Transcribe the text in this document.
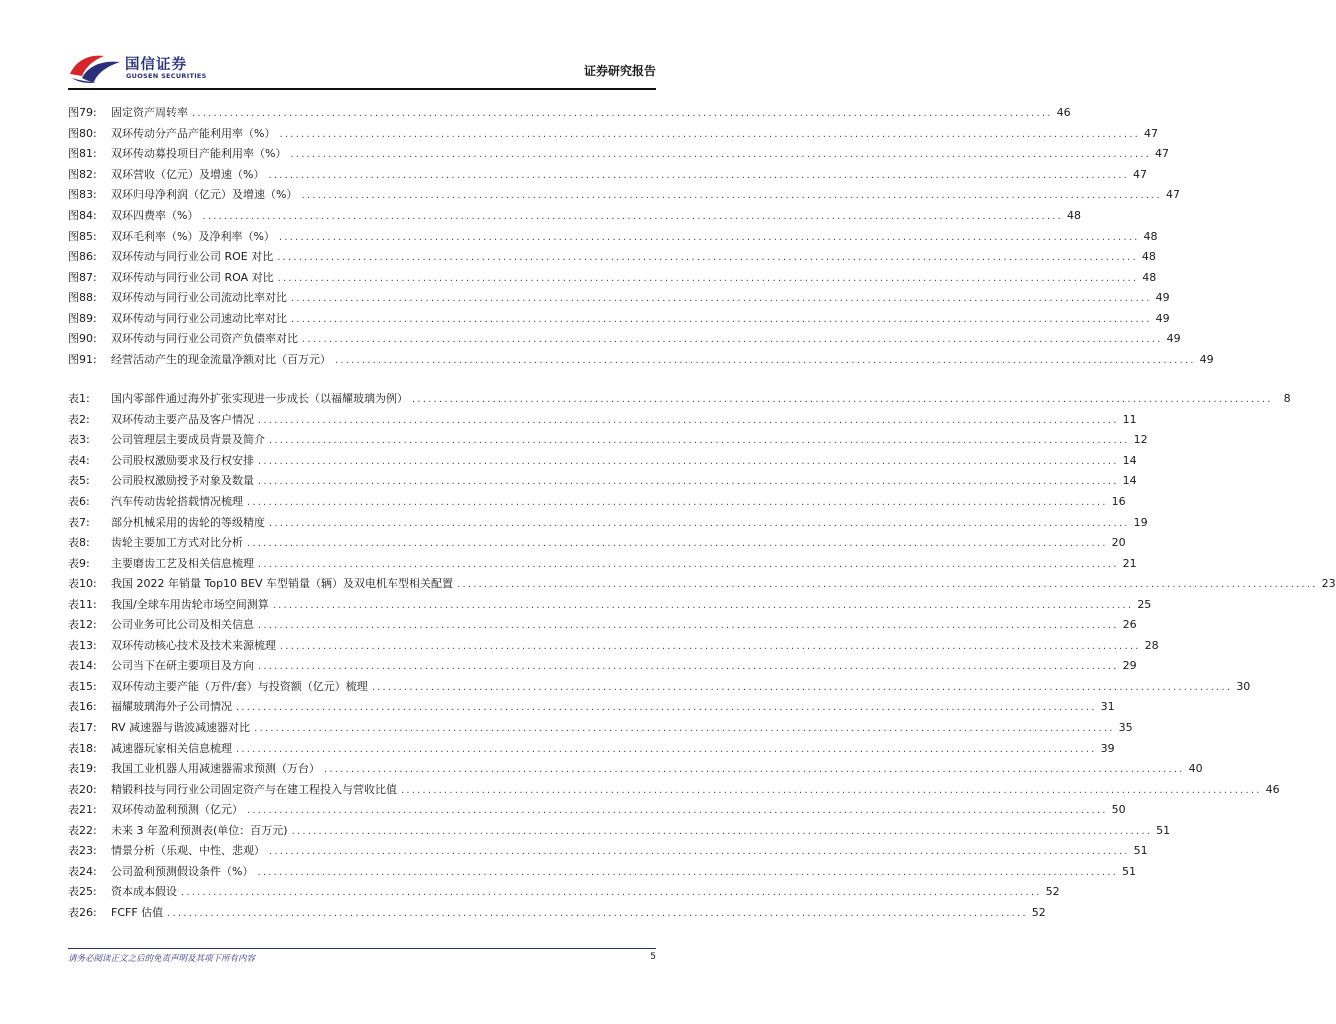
国信证券
GUOSEN SECURITIES	证券研究报告
图79:	固定资产周转率 ................................................................................................................................................................ 46
图80:	双环传动分产品产能利用率（%） ................................................................................................................................................................ 47
图81:	双环传动募投项目产能利用率（%） ................................................................................................................................................................ 47
图82:	双环营收（亿元）及增速（%） ................................................................................................................................................................ 47
图83:	双环归母净利润（亿元）及增速（%） ................................................................................................................................................................ 47
图84:	双环四费率（%） ................................................................................................................................................................ 48
图85:	双环毛利率（%）及净利率（%） ................................................................................................................................................................ 48
图86:	双环传动与同行业公司 ROE 对比 ................................................................................................................................................................ 48
图87:	双环传动与同行业公司 ROA 对比 ................................................................................................................................................................ 48
图88:	双环传动与同行业公司流动比率对比 ................................................................................................................................................................ 49
图89:	双环传动与同行业公司速动比率对比 ................................................................................................................................................................ 49
图90:	双环传动与同行业公司资产负债率对比 ................................................................................................................................................................ 49
图91:	经营活动产生的现金流量净额对比（百万元） ................................................................................................................................................................ 49
表1:	国内零部件通过海外扩张实现进一步成长（以福耀玻璃为例） ................................................................................................................................................................	8
表2:	双环传动主要产品及客户情况 ................................................................................................................................................................ 11
表3:	公司管理层主要成员背景及简介 ................................................................................................................................................................ 12
表4:	公司股权激励要求及行权安排 ................................................................................................................................................................ 14
表5:	公司股权激励授予对象及数量 ................................................................................................................................................................ 14
表6:	汽车传动齿轮搭载情况梳理 ................................................................................................................................................................ 16
表7:	部分机械采用的齿轮的等级精度 ................................................................................................................................................................ 19
表8:	齿轮主要加工方式对比分析 ................................................................................................................................................................ 20
表9:	主要磨齿工艺及相关信息梳理 ................................................................................................................................................................ 21
表10:	我国 2022 年销量 Top10 BEV 车型销量（辆）及双电机车型相关配置 ................................................................................................................................................................ 23
表11:	我国/全球车用齿轮市场空间测算 ................................................................................................................................................................ 25
表12:	公司业务可比公司及相关信息 ................................................................................................................................................................ 26
表13:	双环传动核心技术及技术来源梳理 ................................................................................................................................................................ 28
表14:	公司当下在研主要项目及方向 ................................................................................................................................................................ 29
表15:	双环传动主要产能（万件/套）与投资额（亿元）梳理 ................................................................................................................................................................ 30
表16:	福耀玻璃海外子公司情况 ................................................................................................................................................................ 31
表17:	RV 减速器与谐波减速器对比 ................................................................................................................................................................ 35
表18:	减速器玩家相关信息梳理 ................................................................................................................................................................ 39
表19:	我国工业机器人用减速器需求预测（万台） ................................................................................................................................................................ 40
表20:	精锻科技与同行业公司固定资产与在建工程投入与营收比值 ................................................................................................................................................................ 46
表21:	双环传动盈利预测（亿元） ................................................................................................................................................................ 50
表22:	未来 3 年盈利预测表(单位：百万元) ................................................................................................................................................................ 51
表23:	情景分析（乐观、中性、悲观） ................................................................................................................................................................ 51
表24:	公司盈利预测假设条件（%） ................................................................................................................................................................ 51
表25:	资本成本假设 ................................................................................................................................................................ 52
表26:	FCFF 估值 ................................................................................................................................................................ 52
请务必阅读正文之后的免责声明及其项下所有内容	5
